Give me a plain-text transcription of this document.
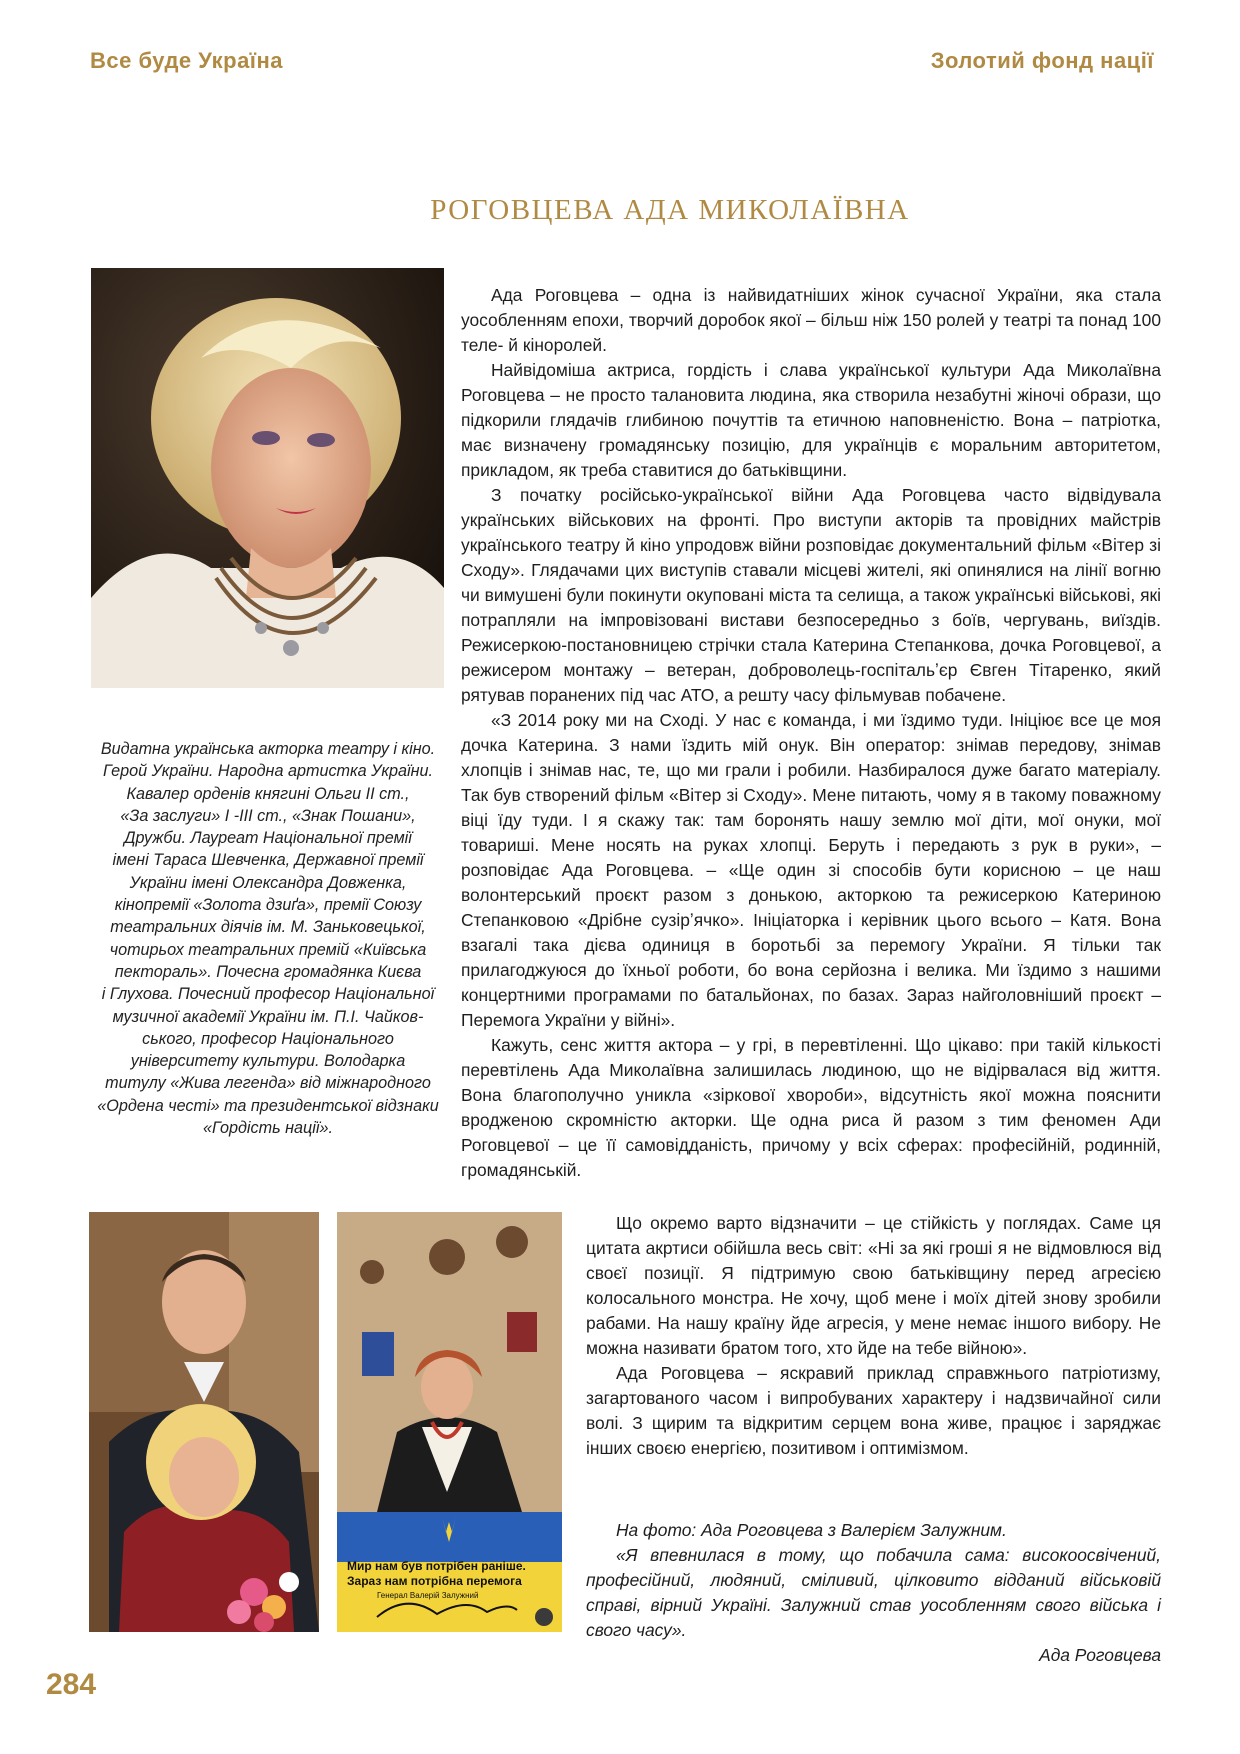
Все буде Україна	Золотий фонд нації
РОГОВЦЕВА АДА МИКОЛАЇВНА
Видатна українська акторка театру і кіно.
Герой України. Народна артистка України.
Кавалер орденів княгині Ольги ІІ ст.,
«За заслуги» І -ІІІ ст., «Знак Пошани»,
Дружби. Лауреат Національної премії
імені Тараса Шевченка, Державної премії
України імені Олександра Довженка,
кінопремії «Золота дзиґа», премії Союзу
театральних діячів ім. М. Заньковецької,
чотирьох театральних премій «Київська
пектораль». Почесна громадянка Києва
і Глухова. Почесний професор Національної
музичної академії України ім. П.І. Чайков-
ського, професор Національного
університету культури. Володарка
титулу «Жива легенда» від міжнародного
«Ордена честі» та президентської відзнаки
«Гордість нації».

Ада Роговцева – одна із найвидатніших жінок сучасної України, яка стала уособленням епохи, творчий доробок якої – більш ніж 150 ролей у театрі та понад 100 теле- й кіноролей.

Найвідоміша актриса, гордість і слава української культури Ада Миколаївна Роговцева – не просто талановита людина, яка створила незабутні жіночі образи, що підкорили глядачів глибиною почуттів та етичною наповненістю. Вона – патріотка, має визначену громадянську позицію, для українців є моральним авторитетом, прикладом, як треба ставитися до батьківщини.

З початку російсько-української війни Ада Роговцева часто відвідувала українських військових на фронті. Про виступи акторів та провідних майстрів українського театру й кіно упродовж війни розповідає документальний фільм «Вітер зі Сходу». Глядачами цих виступів ставали місцеві жителі, які опинялися на лінії вогню чи вимушені були покинути окуповані міста та селища, а також українські військові, які потрапляли на імпровізовані вистави безпосередньо з боїв, чергувань, виїздів. Режисеркою-постановницею стрічки стала Катерина Степанкова, дочка Роговцевої, а режисером монтажу – ветеран, доброволець-госпітальʼєр Євген Тітаренко, який рятував поранених під час АТО, а решту часу фільмував побачене.

«З 2014 року ми на Сході. У нас є команда, і ми їздимо туди. Ініціює все це моя дочка Катерина. З нами їздить мій онук. Він оператор: знімав передову, знімав хлопців і знімав нас, те, що ми грали і робили. Назбиралося дуже багато матеріалу. Так був створений фільм «Вітер зі Сходу». Мене питають, чому я в такому поважному віці їду туди. І я скажу так: там боронять нашу землю мої діти, мої онуки, мої товариші. Мене носять на руках хлопці. Беруть і передають з рук в руки», – розповідає Ада Роговцева. – «Ще один зі способів бути корисною – це наш волонтерський проєкт разом з донькою, акторкою та режисеркою Катериною Степанковою «Дрібне сузірʼячко». Ініціаторка і керівник цього всього – Катя. Вона взагалі така дієва одиниця в боротьбі за перемогу України. Я тільки так прилагоджуюся до їхньої роботи, бо вона серйозна і велика. Ми їздимо з нашими концертними програмами по батальйонах, по базах. Зараз найголовніший проєкт –Перемога України у війні».

Кажуть, сенс життя актора – у грі, в перевтіленні. Що цікаво: при такій кількості перевтілень Ада Миколаївна залишилась людиною, що не відірвалася від життя. Вона благополучно уникла «зіркової хвороби», відсутність якої можна пояснити вродженою скромністю акторки. Ще одна риса й разом з тим феномен Ади Роговцевої – це її самовідданість, причому у всіх сферах: професійній, родинній, громадянській.

Мир нам був потрібен раніше.
Зараз нам потрібна перемога
Генерал Валерій Залужний

Що окремо варто відзначити – це стійкість у поглядах. Саме ця цитата акртиси обійшла весь світ: «Ні за які гроші я не відмовлюся від своєї позиції. Я підтримую свою батьківщину перед агресією колосального монстра. Не хочу, щоб мене і моїх дітей знову зробили рабами. На нашу країну йде агресія, у мене немає іншого вибору. Не можна називати братом того, хто йде на тебе війною».

Ада Роговцева – яскравий приклад справжнього патріотизму, загартованого часом і випробуваних характеру і надзвичайної сили волі. З щирим та відкритим серцем вона живе, працює і заряджає інших своєю енергією, позитивом і оптимізмом.

На фото: Ада Роговцева з Валерієм Залужним.

«Я впевнилася в тому, що побачила сама: високоосвічений, професійний, людяний, сміливий, цілковито відданий військовій справі, вірний Україні. Залужний став уособленням свого війська і свого часу».

Ада Роговцева

284
